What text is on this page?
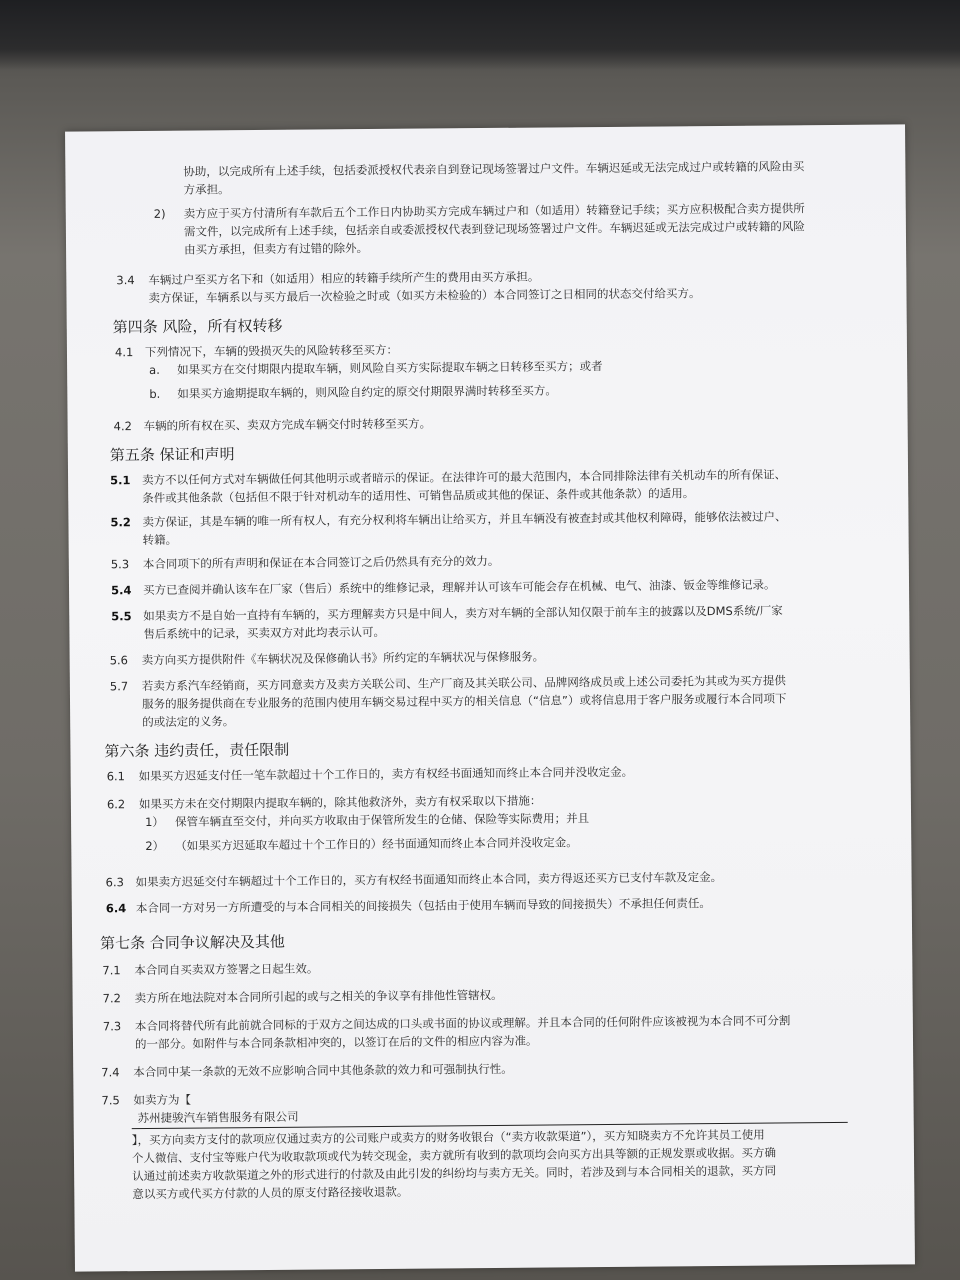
协助，以完成所有上述手续，包括委派授权代表亲自到登记现场签署过户文件。车辆迟延或无法完成过户或转籍的风险由买
方承担。
2) 卖方应于买方付清所有车款后五个工作日内协助买方完成车辆过户和（如适用）转籍登记手续；买方应积极配合卖方提供所
需文件，以完成所有上述手续，包括亲自或委派授权代表到登记现场签署过户文件。车辆迟延或无法完成过户或转籍的风险
由买方承担，但卖方有过错的除外。
3.4 车辆过户至买方名下和（如适用）相应的转籍手续所产生的费用由买方承担。
卖方保证，车辆系以与买方最后一次检验之时或（如买方未检验的）本合同签订之日相同的状态交付给买方。
第四条 风险，所有权转移
4.1 下列情况下，车辆的毁损灭失的风险转移至买方：
a. 如果买方在交付期限内提取车辆，则风险自买方实际提取车辆之日转移至买方；或者
b. 如果买方逾期提取车辆的，则风险自约定的原交付期限界满时转移至买方。
4.2 车辆的所有权在买、卖双方完成车辆交付时转移至买方。
第五条 保证和声明
5.1 卖方不以任何方式对车辆做任何其他明示或者暗示的保证。在法律许可的最大范围内，本合同排除法律有关机动车的所有保证、
条件或其他条款（包括但不限于针对机动车的适用性、可销售品质或其他的保证、条件或其他条款）的适用。
5.2 卖方保证，其是车辆的唯一所有权人，有充分权利将车辆出让给买方，并且车辆没有被查封或其他权利障碍，能够依法被过户、
转籍。
5.3 本合同项下的所有声明和保证在本合同签订之后仍然具有充分的效力。
5.4 买方已查阅并确认该车在厂家（售后）系统中的维修记录，理解并认可该车可能会存在机械、电气、油漆、钣金等维修记录。
5.5 如果卖方不是自始一直持有车辆的，买方理解卖方只是中间人，卖方对车辆的全部认知仅限于前车主的披露以及DMS系统/厂家
售后系统中的记录，买卖双方对此均表示认可。
5.6 卖方向买方提供附件《车辆状况及保修确认书》所约定的车辆状况与保修服务。
5.7 若卖方系汽车经销商，买方同意卖方及卖方关联公司、生产厂商及其关联公司、品牌网络成员或上述公司委托为其或为买方提供
服务的服务提供商在专业服务的范围内使用车辆交易过程中买方的相关信息（“信息”）或将信息用于客户服务或履行本合同项下
的或法定的义务。
第六条 违约责任，责任限制
6.1 如果买方迟延支付任一笔车款超过十个工作日的，卖方有权经书面通知而终止本合同并没收定金。
6.2 如果买方未在交付期限内提取车辆的，除其他救济外，卖方有权采取以下措施：
1） 保管车辆直至交付，并向买方收取由于保管所发生的仓储、保险等实际费用；并且
2） （如果买方迟延取车超过十个工作日的）经书面通知而终止本合同并没收定金。
6.3 如果卖方迟延交付车辆超过十个工作日的，买方有权经书面通知而终止本合同，卖方得返还买方已支付车款及定金。
6.4 本合同一方对另一方所遭受的与本合同相关的间接损失（包括由于使用车辆而导致的间接损失）不承担任何责任。
第七条 合同争议解决及其他
7.1 本合同自买卖双方签署之日起生效。
7.2 卖方所在地法院对本合同所引起的或与之相关的争议享有排他性管辖权。
7.3 本合同将替代所有此前就合同标的于双方之间达成的口头或书面的协议或理解。并且本合同的任何附件应该被视为本合同不可分割
的一部分。如附件与本合同条款相冲突的，以签订在后的文件的相应内容为准。
7.4 本合同中某一条款的无效不应影响合同中其他条款的效力和可强制执行性。
7.5 如卖方为【
苏州捷骏汽车销售服务有限公司
】，买方向卖方支付的款项应仅通过卖方的公司账户或卖方的财务收银台（“卖方收款渠道”），买方知晓卖方不允许其员工使用
个人微信、支付宝等账户代为收取款项或代为转交现金，卖方就所有收到的款项均会向买方出具等额的正规发票或收据。买方确
认通过前述卖方收款渠道之外的形式进行的付款及由此引发的纠纷均与卖方无关。同时，若涉及到与本合同相关的退款，买方同
意以买方或代买方付款的人员的原支付路径接收退款。
